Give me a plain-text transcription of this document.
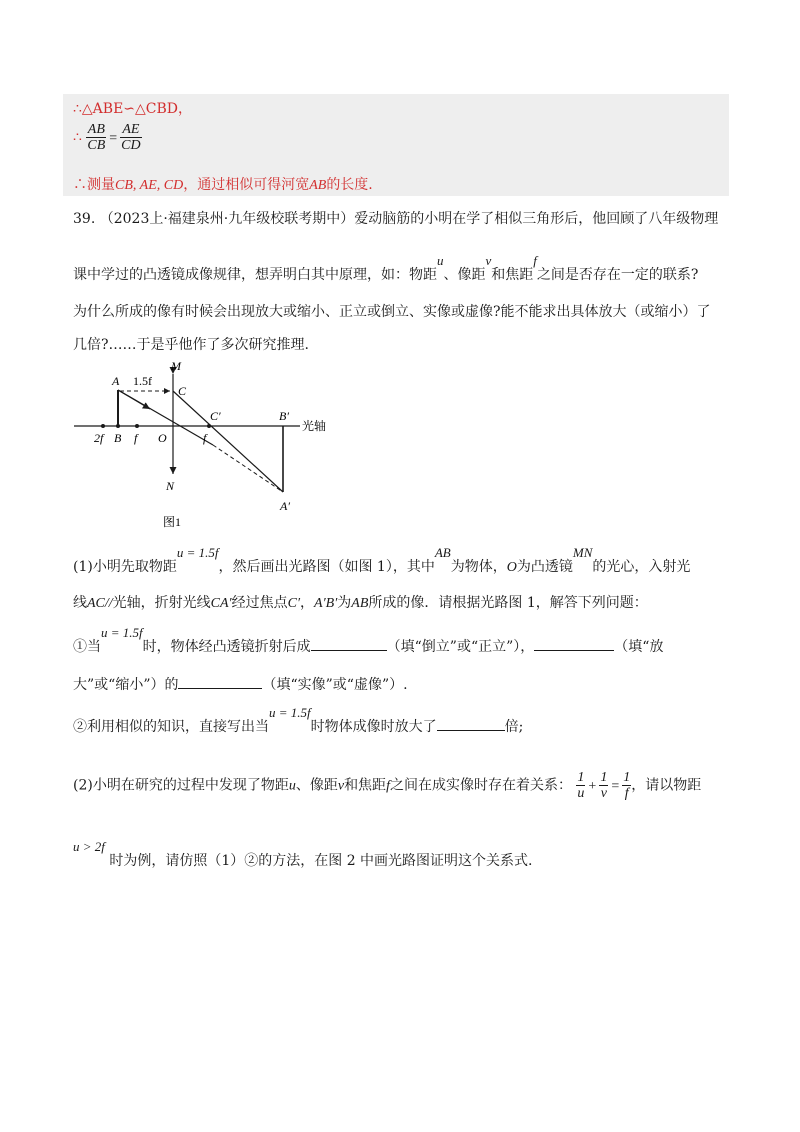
∴△ABE∽△CBD，
∴ $\frac{AB}{CB} = \frac{AE}{CD}$
∴测量CB, AE, CD，通过相似可得河宽AB的长度.
39. （2023上·福建泉州·九年级校联考期中）爱动脑筋的小明在学了相似三角形后，他回顾了八年级物理
课中学过的凸透镜成像规律，想弄明白其中原理，如：物距u、像距v和焦距f之间是否存在一定的联系?
为什么所成的像有时候会出现放大或缩小、正立或倒立、实像或虚像?能不能求出具体放大（或缩小）了
几倍?……于是乎他作了多次研究推理.
A 1.5f
M
C
C′	B′
光轴
2f B f O	f
N
A′
图1
(1)小明先取物距u = 1.5f，然后画出光路图（如图 1），其中AB为物体，O为凸透镜MN的光心，入射光
线AC//光轴，折射光线CA′经过焦点C′，A′B′为AB所成的像．请根据光路图 1，解答下列问题：
①当u = 1.5f时，物体经凸透镜折射后成	（填“倒立”或“正立”），	（填“放
大”或“缩小”）的	（填“实像”或“虚像”）.
②利用相似的知识，直接写出当u = 1.5f时物体成像时放大了	倍;
(2)小明在研究的过程中发现了物距u、像距v和焦距f之间在成实像时存在着关系： $\frac{1}{u} + \frac{1}{v} = \frac{1}{f}$ ，请以物距
u > 2f 时为例，请仿照（1）②的方法，在图 2 中画光路图证明这个关系式.
